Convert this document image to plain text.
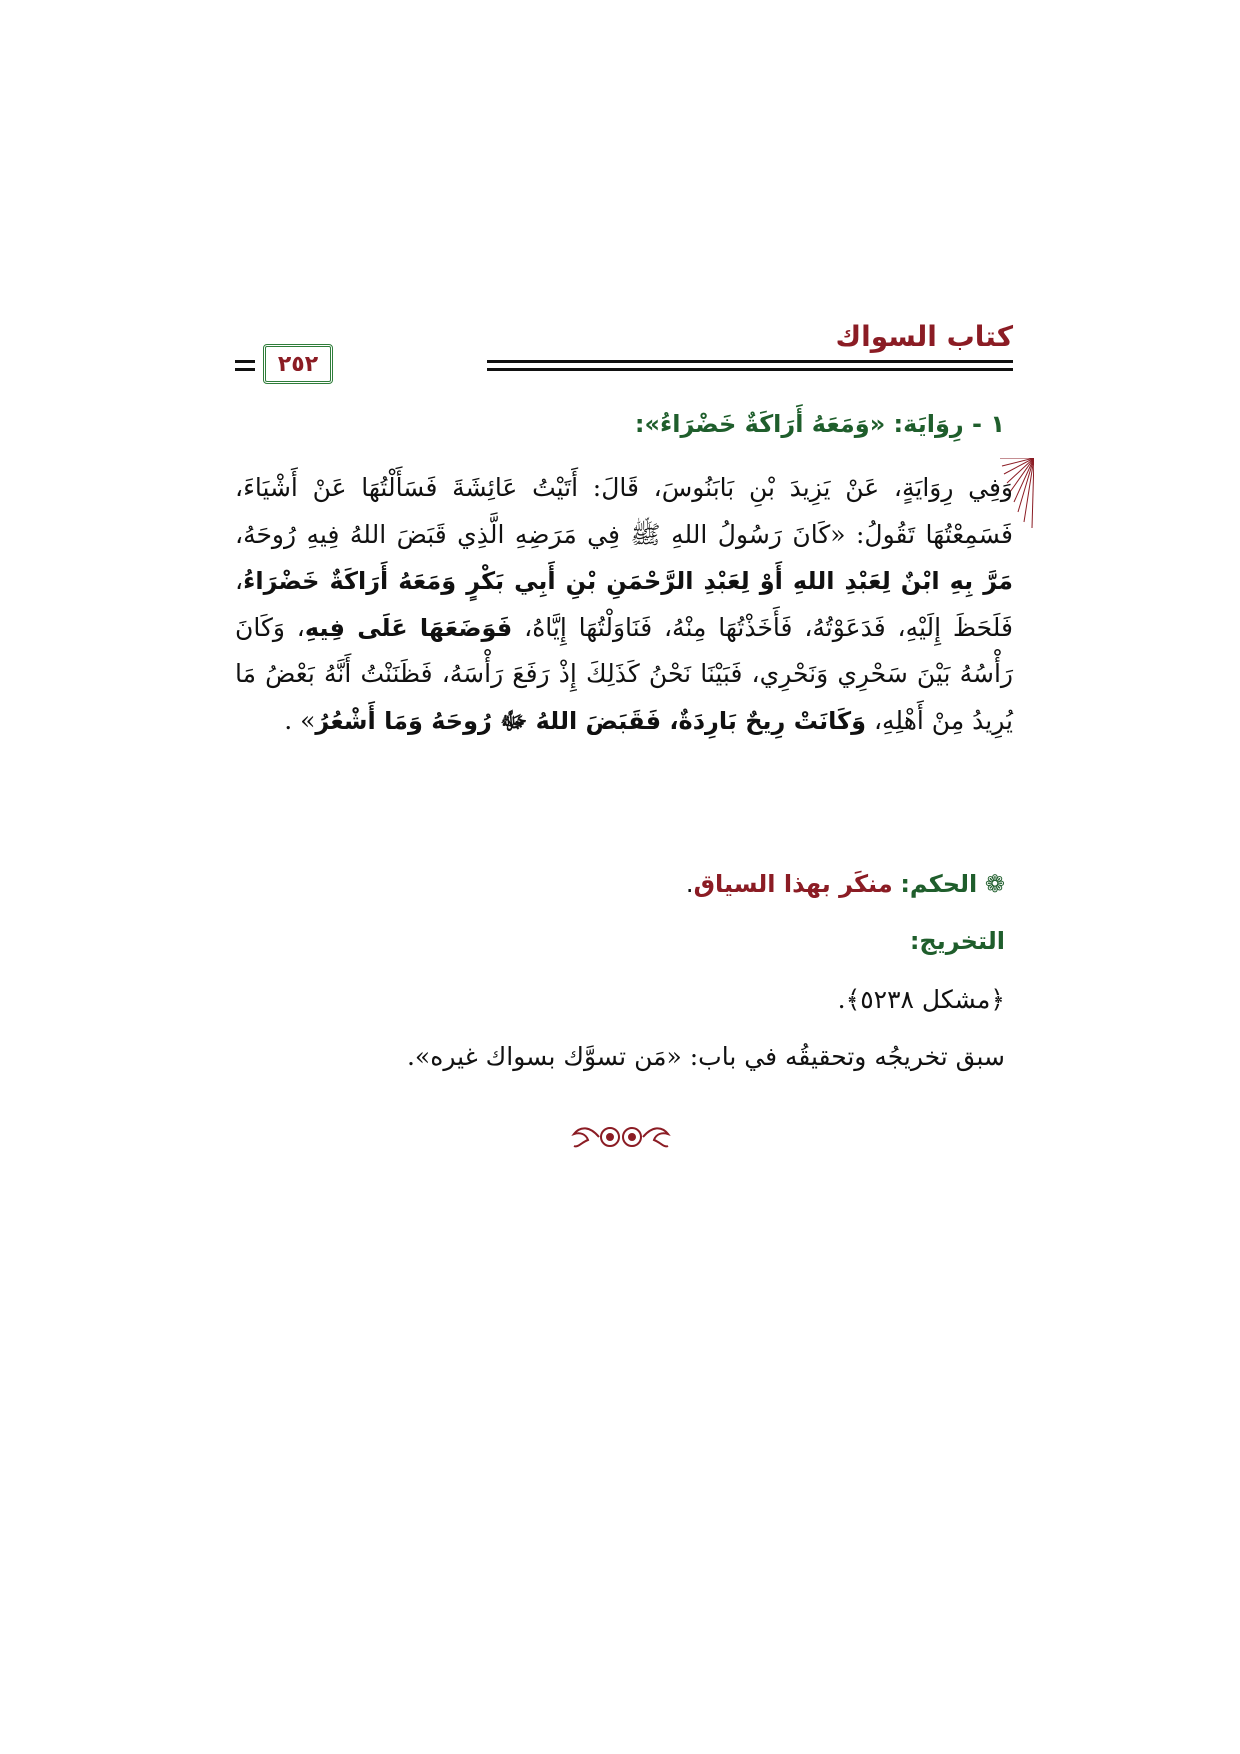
كتاب السواك
٢٥٢
١ - رِوَايَة: «وَمَعَهُ أَرَاكَةٌ خَضْرَاءُ»:
وَفِي رِوَايَةٍ، عَنْ يَزِيدَ بْنِ بَابَنُوسَ، قَالَ: أَتَيْتُ عَائِشَةَ فَسَأَلْتُهَا عَنْ أَشْيَاءَ، فَسَمِعْتُهَا تَقُولُ: «كَانَ رَسُولُ اللهِ ﷺ فِي مَرَضِهِ الَّذِي قَبَضَ اللهُ فِيهِ رُوحَهُ، مَرَّ بِهِ ابْنٌ لِعَبْدِ اللهِ أَوْ لِعَبْدِ الرَّحْمَنِ بْنِ أَبِي بَكْرٍ وَمَعَهُ أَرَاكَةٌ خَضْرَاءُ، فَلَحَظَ إِلَيْهِ، فَدَعَوْتُهُ، فَأَخَذْتُهَا مِنْهُ، فَنَاوَلْتُهَا إِيَّاهُ، فَوَضَعَهَا عَلَى فِيهِ، وَكَانَ رَأْسُهُ بَيْنَ سَحْرِي وَنَحْرِي، فَبَيْنَا نَحْنُ كَذَلِكَ إِذْ رَفَعَ رَأْسَهُ، فَظَنَنْتُ أَنَّهُ بَعْضُ مَا يُرِيدُ مِنْ أَهْلِهِ، وَكَانَتْ رِيحٌ بَارِدَةٌ، فَقَبَضَ اللهُ ﷻ رُوحَهُ وَمَا أَشْعُرُ» .
❁ الحكم: منكَر بهذا السياق.
التخريج:
﴿مشكل ٥٢٣٨﴾.
سبق تخريجُه وتحقيقُه في باب: «مَن تسوَّك بسواك غيره».
